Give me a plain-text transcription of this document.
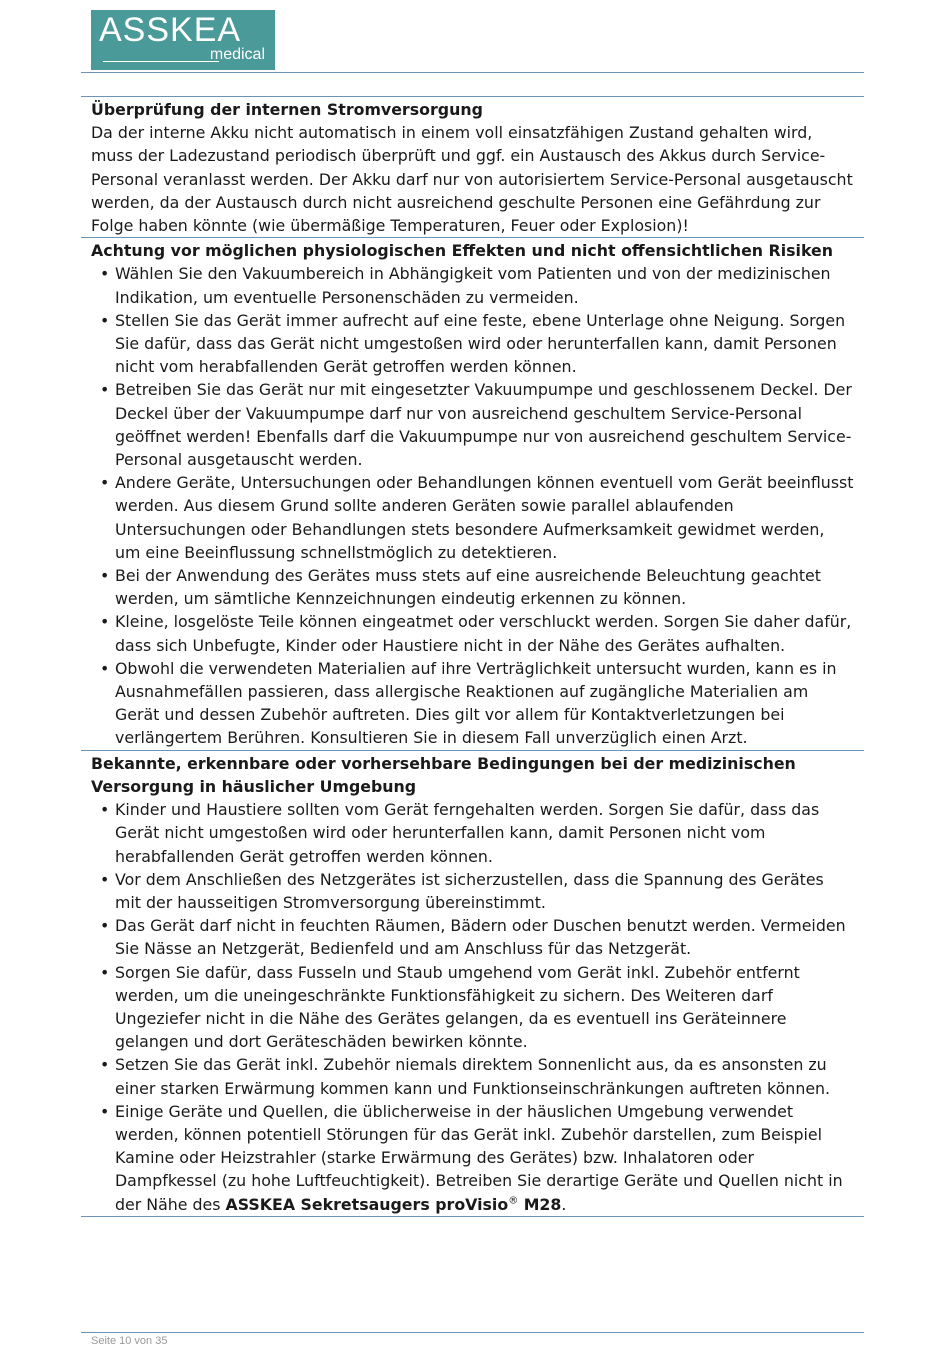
ASSKEA
medical
Überprüfung der internen Stromversorgung

Da der interne Akku nicht automatisch in einem voll einsatzfähigen Zustand gehalten wird, muss der Ladezustand periodisch überprüft und ggf. ein Austausch des Akkus durch Service-Personal veranlasst werden. Der Akku darf nur von autorisiertem Service-Personal ausgetauscht werden, da der Austausch durch nicht ausreichend geschulte Personen eine Gefährdung zur Folge haben könnte (wie übermäßige Temperaturen, Feuer oder Explosion)!

Achtung vor möglichen physiologischen Effekten und nicht offensichtlichen Risiken
• Wählen Sie den Vakuumbereich in Abhängigkeit vom Patienten und von der medizinischen Indikation, um eventuelle Personenschäden zu vermeiden.
• Stellen Sie das Gerät immer aufrecht auf eine feste, ebene Unterlage ohne Neigung. Sorgen Sie dafür, dass das Gerät nicht umgestoßen wird oder herunterfallen kann, damit Personen nicht vom herabfallenden Gerät getroffen werden können.
• Betreiben Sie das Gerät nur mit eingesetzter Vakuumpumpe und geschlossenem Deckel. Der Deckel über der Vakuumpumpe darf nur von ausreichend geschultem Service-Personal geöffnet werden! Ebenfalls darf die Vakuumpumpe nur von ausreichend geschultem Service-Personal ausgetauscht werden.
• Andere Geräte, Untersuchungen oder Behandlungen können eventuell vom Gerät beeinflusst werden. Aus diesem Grund sollte anderen Geräten sowie parallel ablaufenden Untersuchungen oder Behandlungen stets besondere Aufmerksamkeit gewidmet werden, um eine Beeinflussung schnellstmöglich zu detektieren.
• Bei der Anwendung des Gerätes muss stets auf eine ausreichende Beleuchtung geachtet werden, um sämtliche Kennzeichnungen eindeutig erkennen zu können.
• Kleine, losgelöste Teile können eingeatmet oder verschluckt werden. Sorgen Sie daher dafür, dass sich Unbefugte, Kinder oder Haustiere nicht in der Nähe des Gerätes aufhalten.
• Obwohl die verwendeten Materialien auf ihre Verträglichkeit untersucht wurden, kann es in Ausnahmefällen passieren, dass allergische Reaktionen auf zugängliche Materialien am Gerät und dessen Zubehör auftreten. Dies gilt vor allem für Kontaktverletzungen bei verlängertem Berühren. Konsultieren Sie in diesem Fall unverzüglich einen Arzt.
Bekannte, erkennbare oder vorhersehbare Bedingungen bei der medizinischen Versorgung in häuslicher Umgebung
• Kinder und Haustiere sollten vom Gerät ferngehalten werden. Sorgen Sie dafür, dass das Gerät nicht umgestoßen wird oder herunterfallen kann, damit Personen nicht vom herabfallenden Gerät getroffen werden können.
• Vor dem Anschließen des Netzgerätes ist sicherzustellen, dass die Spannung des Gerätes mit der hausseitigen Stromversorgung übereinstimmt.
• Das Gerät darf nicht in feuchten Räumen, Bädern oder Duschen benutzt werden. Vermeiden Sie Nässe an Netzgerät, Bedienfeld und am Anschluss für das Netzgerät.
• Sorgen Sie dafür, dass Fusseln und Staub umgehend vom Gerät inkl. Zubehör entfernt werden, um die uneingeschränkte Funktionsfähigkeit zu sichern. Des Weiteren darf Ungeziefer nicht in die Nähe des Gerätes gelangen, da es eventuell ins Geräteinnere gelangen und dort Geräteschäden bewirken könnte.
• Setzen Sie das Gerät inkl. Zubehör niemals direktem Sonnenlicht aus, da es ansonsten zu einer starken Erwärmung kommen kann und Funktionseinschränkungen auftreten können.
• Einige Geräte und Quellen, die üblicherweise in der häuslichen Umgebung verwendet werden, können potentiell Störungen für das Gerät inkl. Zubehör darstellen, zum Beispiel Kamine oder Heizstrahler (starke Erwärmung des Gerätes) bzw. Inhalatoren oder Dampfkessel (zu hohe Luftfeuchtigkeit). Betreiben Sie derartige Geräte und Quellen nicht in der Nähe des ASSKEA Sekretsaugers proVisio® M28.
Seite 10 von 35
